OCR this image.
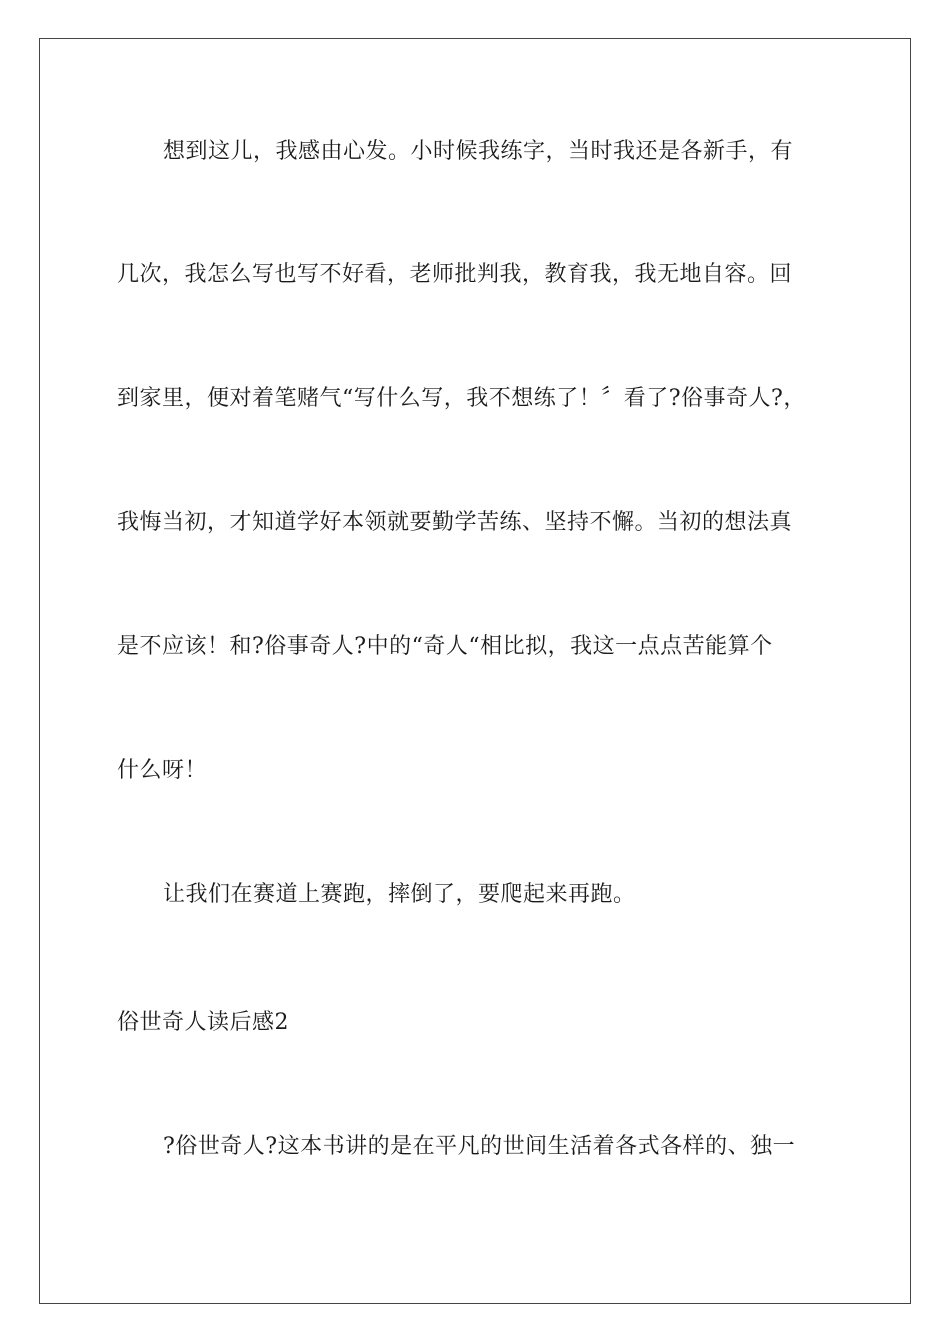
想到这儿，我感由心发。小时候我练字，当时我还是各新手，有
几次，我怎么写也写不好看，老师批判我，教育我，我无地自容。回
到家里，便对着笔赌气“写什么写，我不想练了！〞看了?俗事奇人?，
我悔当初，才知道学好本领就要勤学苦练、坚持不懈。当初的想法真
是不应该！和?俗事奇人?中的“奇人“相比拟，我这一点点苦能算个
什么呀！
让我们在赛道上赛跑，摔倒了，要爬起来再跑。
俗世奇人读后感2
?俗世奇人?这本书讲的是在平凡的世间生活着各式各样的、独一
